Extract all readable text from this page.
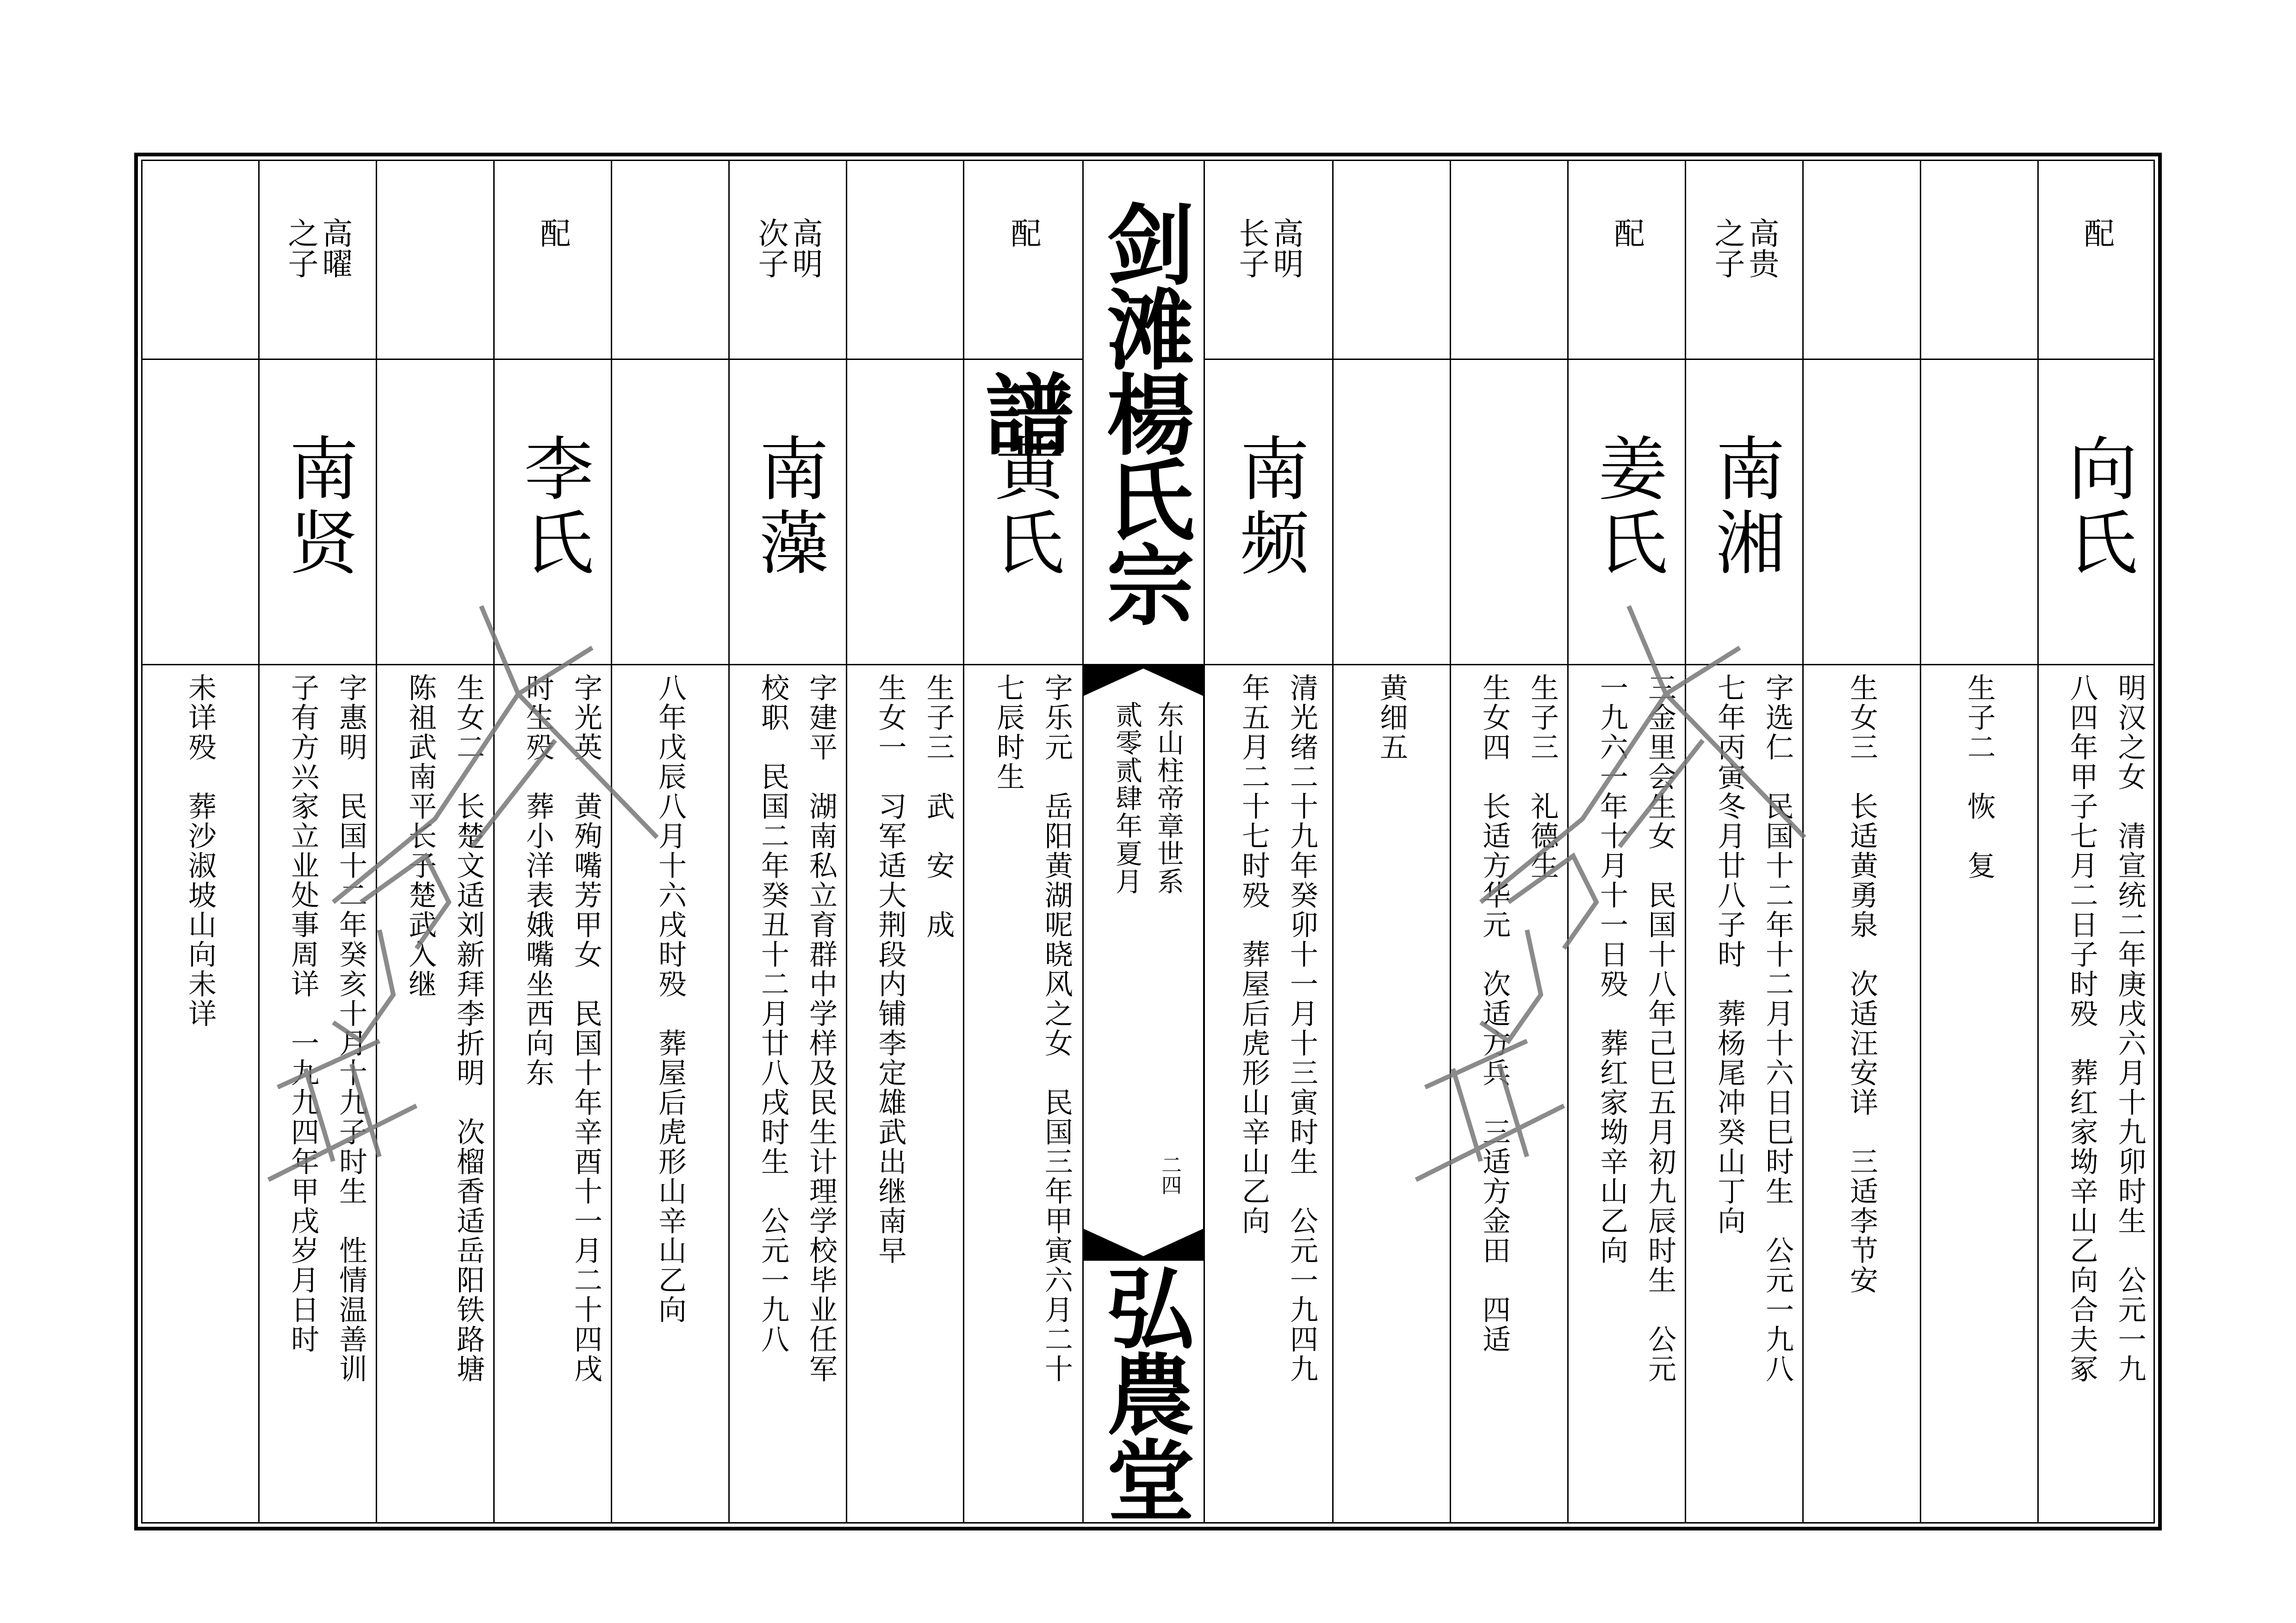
剑滩楊氏宗譜
东山柱帝章世系
贰零贰肆年夏月
二四
弘農堂
配
向氏
明汉之女　清宣统二年庚戌六月十九卯时生　公元一九
八四年甲子七月二日子时殁　葬红家坳辛山乙向合夫冢
生子二　恢　复
生女三　长适黄勇泉　次适汪安详　三适李节安
高贵
之子
南湘
字选仁　民国十二年十二月十六日巳时生　公元一九八
七年丙寅冬月廿八子时　葬杨尾冲癸山丁向
配
姜氏
三金里会生女　民国十八年己巳五月初九辰时生　公元
一九六一年十月十一日殁　葬红家坳辛山乙向
生子三　礼德生
生女四　长适方华元　次适方兵　三适方金田　四适
黄细五
高明
长子
南频
清光绪二十九年癸卯十一月十三寅时生　公元一九四九
年五月二十七时殁　葬屋后虎形山辛山乙向
配
黄氏
字乐元　岳阳黄湖呢晓风之女　民国三年甲寅六月二十
七辰时生
生子三　武　安　成
生女一　习军适大荆段内铺李定雄武出继南早
高明
次子
南藻
字建平　湖南私立育群中学样及民生计理学校毕业任军
校职　民国二年癸丑十二月廿八戌时生　公元一九八
八年戊辰八月十六戌时殁　葬屋后虎形山辛山乙向
配
李氏
字光英　黄殉嘴芳甲女　民国十年辛酉十一月二十四戌
时生殁　葬小洋表娥嘴坐西向东
生女二　长楚文适刘新拜李折明　次榴香适岳阳铁路塘
陈祖武南平长子楚武入继
高曜
之子
南贤
字惠明　民国十二年癸亥十月十九子时生　性情温善训
子有方兴家立业处事周详　一九九四年甲戌岁月日时
未详殁　葬沙淑坡山向未详
